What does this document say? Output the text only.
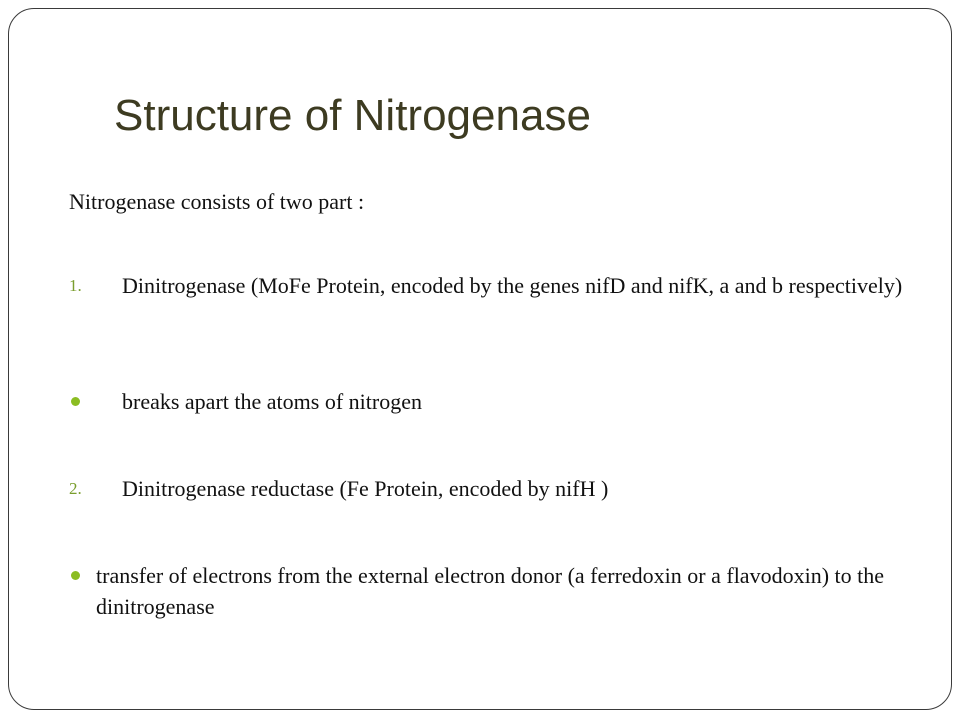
Structure of Nitrogenase
Nitrogenase consists of two part :
1. Dinitrogenase (MoFe Protein, encoded by the genes nifD and nifK, a and b respectively)
breaks apart the atoms of nitrogen
2. Dinitrogenase reductase (Fe Protein, encoded by nifH )
transfer of electrons from the external electron donor (a ferredoxin or a flavodoxin) to the dinitrogenase
